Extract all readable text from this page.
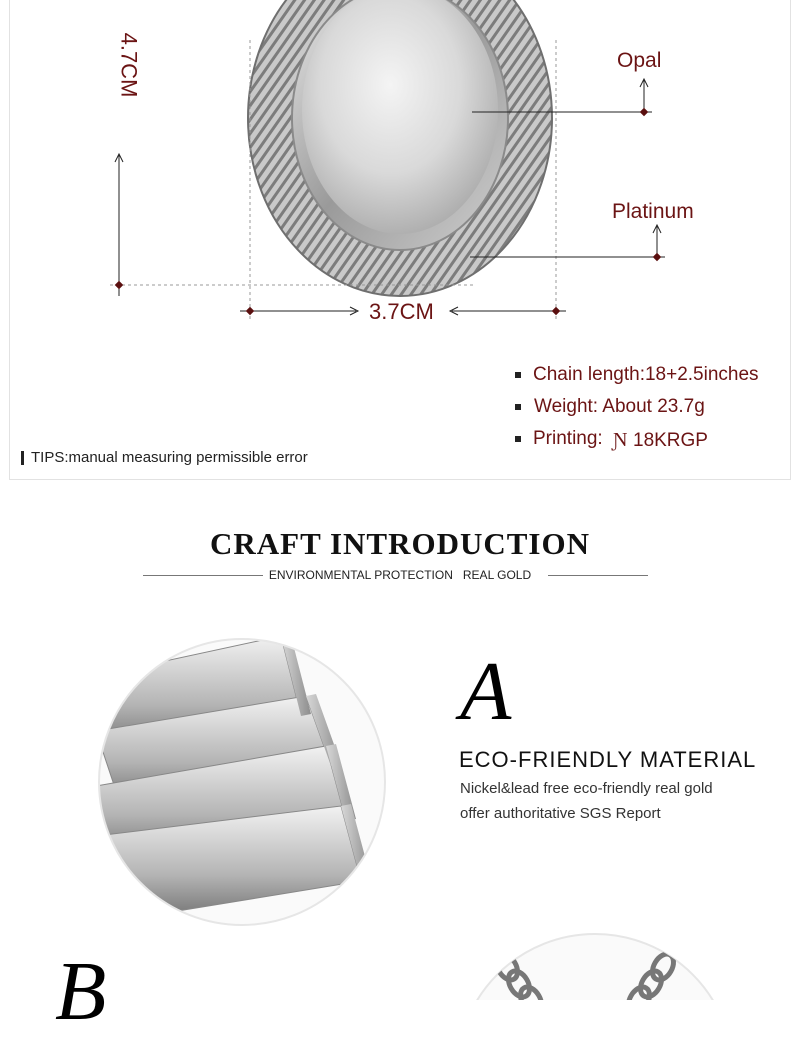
4.7CM
3.7CM
Opal
Platinum
Chain length:18+2.5inches
Weight: About 23.7g
Printing: Ɲ 18KRGP
TIPS:manual measuring permissible error
CRAFT INTRODUCTION
ENVIRONMENTAL PROTECTION REAL GOLD
A
ECO-FRIENDLY MATERIAL
Nickel&lead free eco-friendly real gold
offer authoritative SGS Report
B
